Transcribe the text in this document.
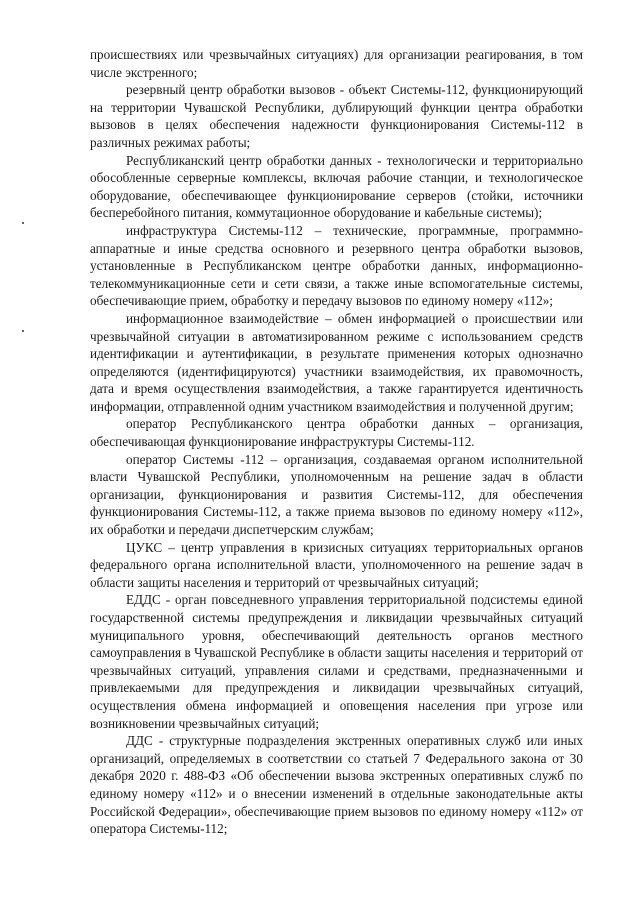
происшествиях или чрезвычайных ситуациях) для организации реагирования, в том числе экстренного;

резервный центр обработки вызовов - объект Системы-112, функционирующий на территории Чувашской Республики, дублирующий функции центра обработки вызовов в целях обеспечения надежности функционирования Системы-112 в различных режимах работы;

Республиканский центр обработки данных - технологически и территориально обособленные серверные комплексы, включая рабочие станции, и технологическое оборудование, обеспечивающее функционирование серверов (стойки, источники бесперебойного питания, коммутационное оборудование и кабельные системы);

инфраструктура Системы-112 – технические, программные, программно-аппаратные и иные средства основного и резервного центра обработки вызовов, установленные в Республиканском центре обработки данных, информационно-телекоммуникационные сети и сети связи, а также иные вспомогательные системы, обеспечивающие прием, обработку и передачу вызовов по единому номеру «112»;

информационное взаимодействие – обмен информацией о происшествии или чрезвычайной ситуации в автоматизированном режиме с использованием средств идентификации и аутентификации, в результате применения которых однозначно определяются (идентифицируются) участники взаимодействия, их правомочность, дата и время осуществления взаимодействия, а также гарантируется идентичность информации, отправленной одним участником взаимодействия и полученной другим;

оператор Республиканского центра обработки данных – организация, обеспечивающая функционирование инфраструктуры Системы-112.

оператор Системы -112 – организация, создаваемая органом исполнительной власти Чувашской Республики, уполномоченным на решение задач в области организации, функционирования и развития Системы-112, для обеспечения функционирования Системы-112, а также приема вызовов по единому номеру «112», их обработки и передачи диспетчерским службам;

ЦУКС – центр управления в кризисных ситуациях территориальных органов федерального органа исполнительной власти, уполномоченного на решение задач в области защиты населения и территорий от чрезвычайных ситуаций;

ЕДДС - орган повседневного управления территориальной подсистемы единой государственной системы предупреждения и ликвидации чрезвычайных ситуаций муниципального уровня, обеспечивающий деятельность органов местного самоуправления в Чувашской Республике в области защиты населения и территорий от чрезвычайных ситуаций, управления силами и средствами, предназначенными и привлекаемыми для предупреждения и ликвидации чрезвычайных ситуаций, осуществления обмена информацией и оповещения населения при угрозе или возникновении чрезвычайных ситуаций;

ДДС - структурные подразделения экстренных оперативных служб или иных организаций, определяемых в соответствии со статьей 7 Федерального закона от 30 декабря 2020 г. 488-ФЗ «Об обеспечении вызова экстренных оперативных служб по единому номеру «112» и о внесении изменений в отдельные законодательные акты Российской Федерации», обеспечивающие прием вызовов по единому номеру «112» от оператора Системы-112;
